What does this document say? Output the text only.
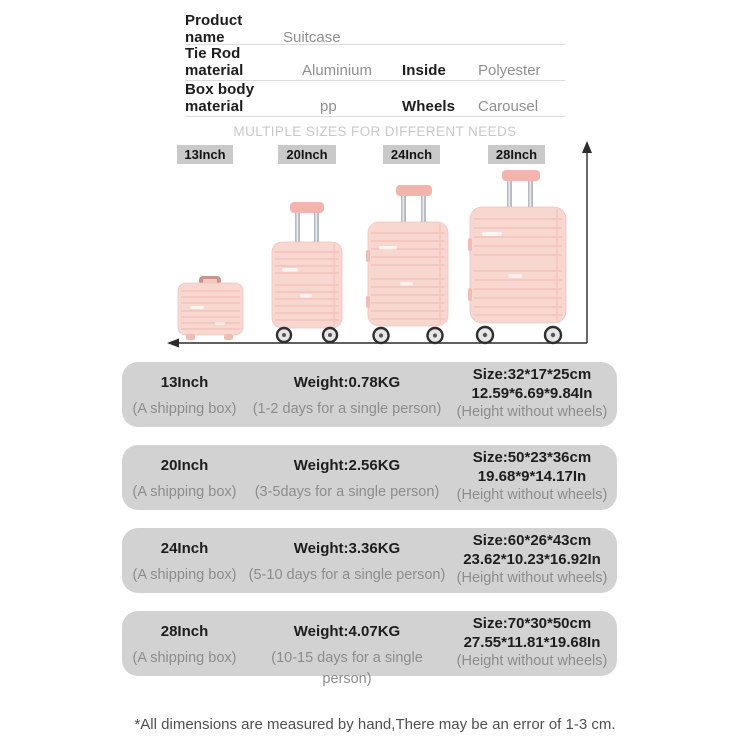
Product name	Suitcase
Tie Rod material	Aluminium	Inside	Polyester
Box body material	pp	Wheels	Carousel
MULTIPLE SIZES FOR DIFFERENT NEEDS
13Inch	20Inch	24Inch	28Inch
13Inch
(A shipping box)
Weight:0.78KG
(1-2 days for a single person)
Size:32*17*25cm
12.59*6.69*9.84In
(Height without wheels)
20Inch
(A shipping box)
Weight:2.56KG
(3-5days for a single person)
Size:50*23*36cm
19.68*9*14.17In
(Height without wheels)
24Inch
(A shipping box)
Weight:3.36KG
(5-10 days for a single person)
Size:60*26*43cm
23.62*10.23*16.92In
(Height without wheels)
28Inch
(A shipping box)
Weight:4.07KG
(10-15 days for a single person)
Size:70*30*50cm
27.55*11.81*19.68In
(Height without wheels)
*All dimensions are measured by hand,There may be an error of 1-3 cm.
